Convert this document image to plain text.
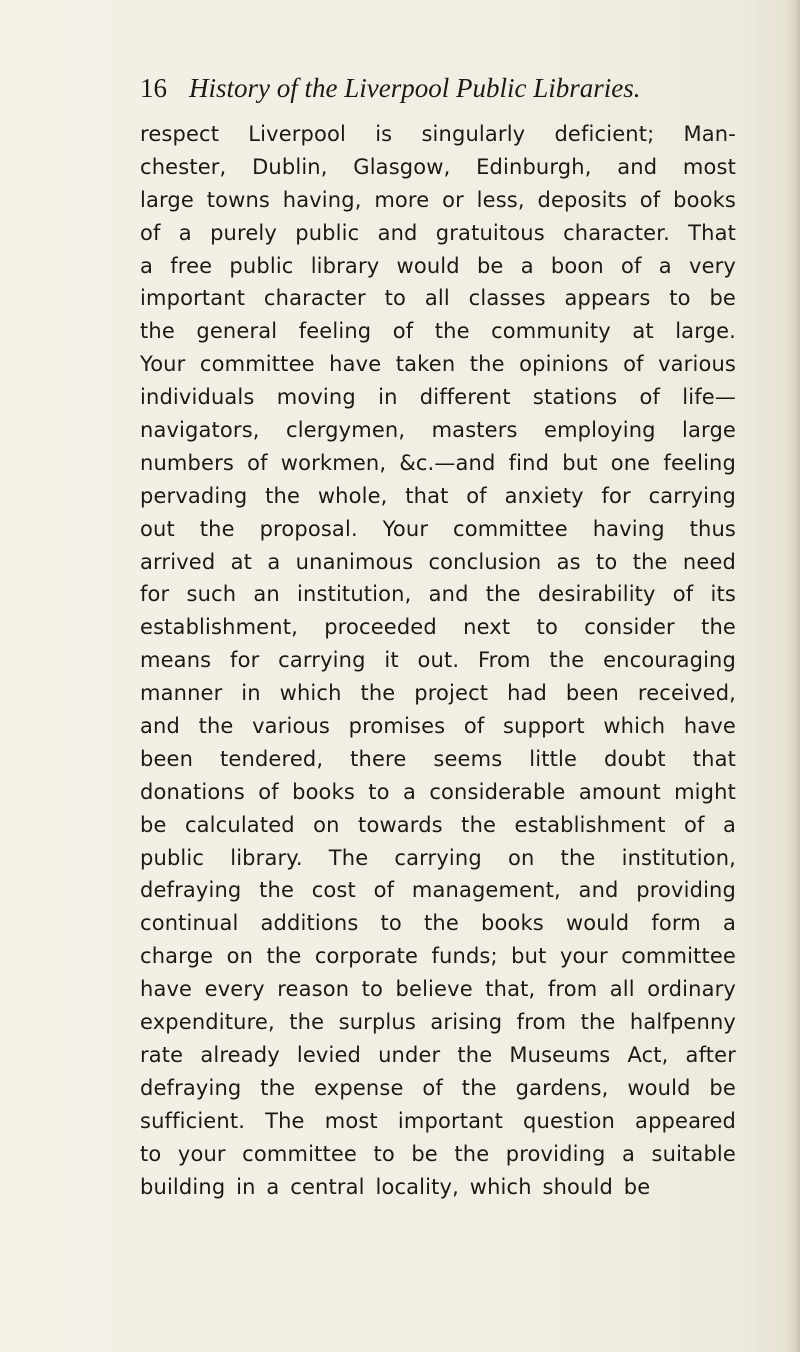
16 History of the Liverpool Public Libraries.
respect Liverpool is singularly deficient; Man-
chester, Dublin, Glasgow, Edinburgh, and most
large towns having, more or less, deposits of books
of a purely public and gratuitous character. That
a free public library would be a boon of a very
important character to all classes appears to be
the general feeling of the community at large.
Your committee have taken the opinions of various
individuals moving in different stations of life—
navigators, clergymen, masters employing large
numbers of workmen, &c.—and find but one feeling
pervading the whole, that of anxiety for carrying
out the proposal. Your committee having thus
arrived at a unanimous conclusion as to the need
for such an institution, and the desirability of its
establishment, proceeded next to consider the
means for carrying it out. From the encouraging
manner in which the project had been received,
and the various promises of support which have
been tendered, there seems little doubt that
donations of books to a considerable amount might
be calculated on towards the establishment of a
public library. The carrying on the institution,
defraying the cost of management, and providing
continual additions to the books would form a
charge on the corporate funds; but your committee
have every reason to believe that, from all ordinary
expenditure, the surplus arising from the halfpenny
rate already levied under the Museums Act, after
defraying the expense of the gardens, would be
sufficient. The most important question appeared
to your committee to be the providing a suitable
building in a central locality, which should be
